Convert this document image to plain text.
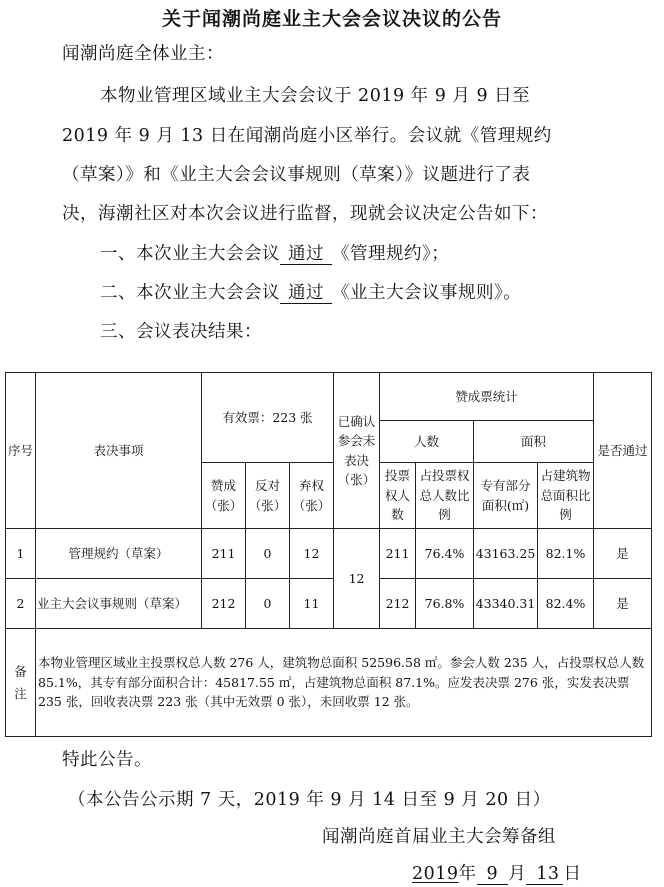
关于闻潮尚庭业主大会会议决议的公告
闻潮尚庭全体业主：
本物业管理区域业主大会会议于 2019 年 9 月 9 日至
2019 年 9 月 13 日在闻潮尚庭小区举行。会议就《管理规约
（草案）》和《业主大会会议事规则（草案）》议题进行了表
决，海潮社区对本次会议进行监督，现就会议决定公告如下：
一、本次业主大会会议 通过 《管理规约》；
二、本次业主大会会议 通过 《业主大会议事规则》。
三、会议表决结果：
序号	表决事项	有效票：223 张			已确认参会未表决（张）	赞成票统计				是否通过
						人数		面积		
		赞成（张）	反对（张）	弃权（张）		投票权人数	占投票权总人数比例	专有部分面积(㎡)	占建筑物总面积比例	
1	管理规约（草案）	211	0	12	12	211	76.4%	43163.25	82.1%	是
2	业主大会议事规则（草案）	212	0	11		212	76.8%	43340.31	82.4%	是
备注	本物业管理区域业主投票权总人数 276 人，建筑物总面积 52596.58 ㎡。参会人数 235 人，占投票权总人数 85.1%，其专有部分面积合计：45817.55 ㎡，占建筑物总面积 87.1%。应发表决票 276 张，实发表决票 235 张，回收表决票 223 张（其中无效票 0 张），未回收票 12 张。									
特此公告。
（本公告公示期 7 天，2019 年 9 月 14 日至 9 月 20 日）
闻潮尚庭首届业主大会筹备组
2019年 9 月 13 日
